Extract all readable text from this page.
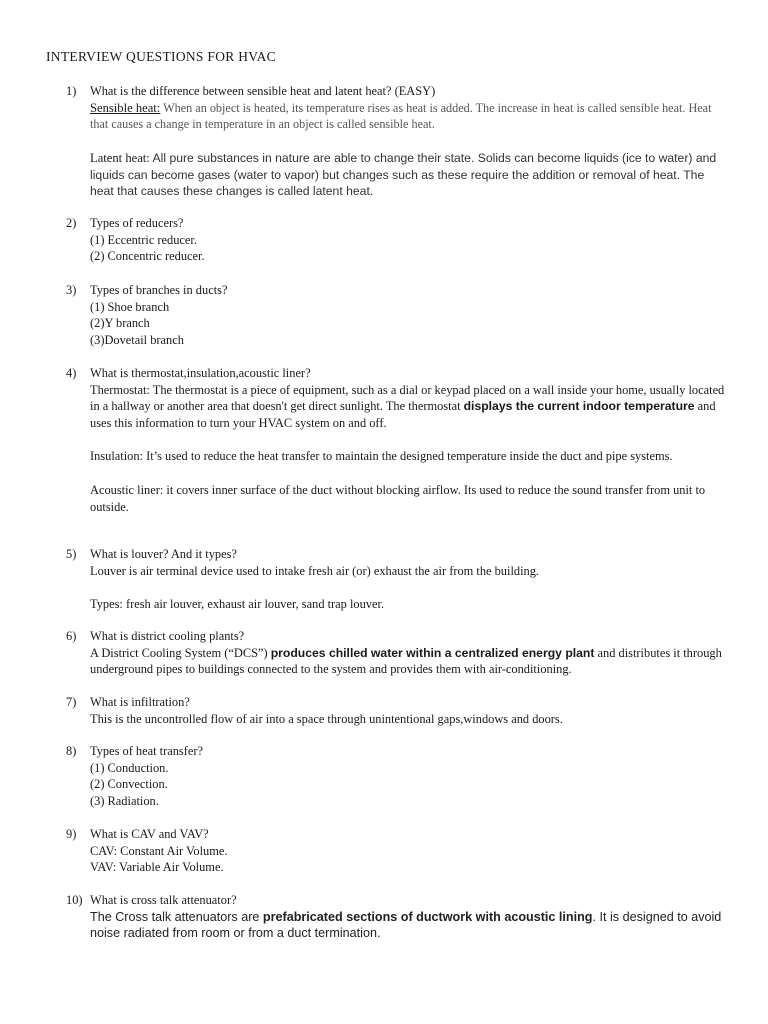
INTERVIEW QUESTIONS FOR HVAC
1)	What is the difference between sensible heat and latent heat? (EASY)
Sensible heat: When an object is heated, its temperature rises as heat is added. The increase in heat is called sensible heat. Heat that causes a change in temperature in an object is called sensible heat.
Latent heat: All pure substances in nature are able to change their state. Solids can become liquids (ice to water) and liquids can become gases (water to vapor) but changes such as these require the addition or removal of heat. The heat that causes these changes is called latent heat.
2)	Types of reducers?
(1) Eccentric reducer.
(2) Concentric reducer.
3)	Types of branches in ducts?
(1) Shoe branch
(2)Y branch
(3)Dovetail branch
4)	What is thermostat,insulation,acoustic liner?
Thermostat: The thermostat is a piece of equipment, such as a dial or keypad placed on a wall inside your home, usually located in a hallway or another area that doesn't get direct sunlight. The thermostat displays the current indoor temperature and uses this information to turn your HVAC system on and off.
Insulation: It’s used to reduce the heat transfer to maintain the designed temperature inside the duct and pipe systems.
Acoustic liner: it covers inner surface of the duct without blocking airflow. Its used to reduce the sound transfer from unit to outside.
5)	What is louver? And it types?
Louver is air terminal device used to intake fresh air (or) exhaust the air from the building.
Types: fresh air louver, exhaust air louver, sand trap louver.
6)	What is district cooling plants?
A District Cooling System (“DCS”) produces chilled water within a centralized energy plant and distributes it through underground pipes to buildings connected to the system and provides them with air-conditioning.
7)	What is infiltration?
This is the uncontrolled flow of air into a space through unintentional gaps,windows and doors.
8)	Types of heat transfer?
(1) Conduction.
(2) Convection.
(3) Radiation.
9)	What is CAV and VAV?
CAV: Constant Air Volume.
VAV: Variable Air Volume.
10) What is cross talk attenuator?
The Cross talk attenuators are prefabricated sections of ductwork with acoustic lining. It is designed to avoid noise radiated from room or from a duct termination.
